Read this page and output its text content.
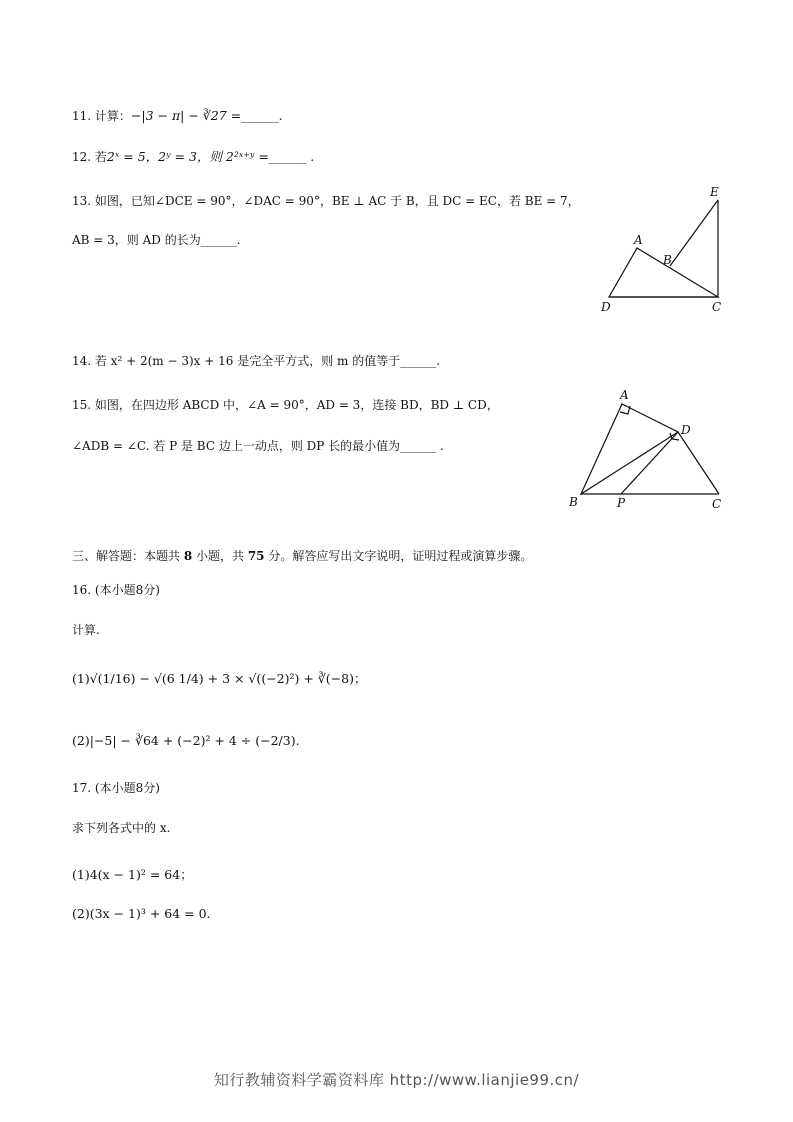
11. 计算：−|3 − π| − ∛27 =______.
12. 若2ˣ = 5，2ʸ = 3，则 2²ˣ⁺ʸ =______ .
13. 如图，已知∠DCE = 90°，∠DAC = 90°，BE ⊥ AC 于 B，且 DC = EC，若 BE = 7，
AB = 3，则 AD 的长为______.
E
A
B
D	C
14. 若 x² + 2(m − 3)x + 16 是完全平方式，则 m 的值等于______.
15. 如图，在四边形 ABCD 中，∠A = 90°，AD = 3，连接 BD，BD ⊥ CD，
∠ADB = ∠C. 若 P 是 BC 边上一动点，则 DP 长的最小值为______ .
A
D
B	P	C
三、解答题：本题共 8 小题，共 75 分。解答应写出文字说明，证明过程或演算步骤。
16. (本小题8分)
计算.
(1)√(1/16) − √(6 1/4) + 3 × √((−2)²) + ∛(−8)；
(2)|−5| − ∛64 + (−2)² + 4 ÷ (−2/3).
17. (本小题8分)
求下列各式中的 x.
(1)4(x − 1)² = 64；
(2)(3x − 1)³ + 64 = 0.
知行教辅资料学霸资料库 http://www.lianjie99.cn/
